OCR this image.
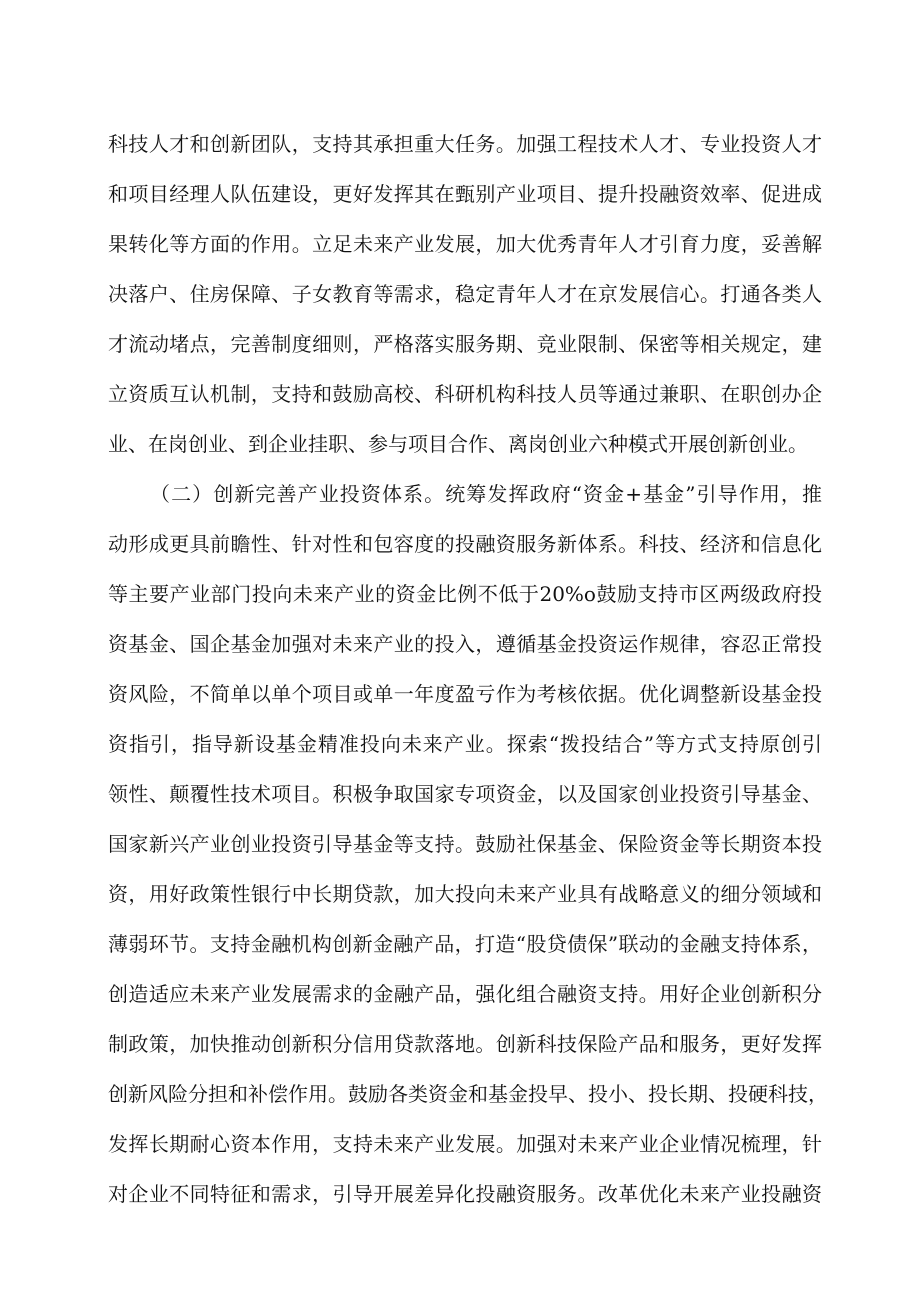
科技人才和创新团队，支持其承担重大任务。加强工程技术人才、专业投资人才
和项目经理人队伍建设，更好发挥其在甄别产业项目、提升投融资效率、促进成
果转化等方面的作用。立足未来产业发展，加大优秀青年人才引育力度，妥善解
决落户、住房保障、子女教育等需求，稳定青年人才在京发展信心。打通各类人
才流动堵点，完善制度细则，严格落实服务期、竞业限制、保密等相关规定，建
立资质互认机制，支持和鼓励高校、科研机构科技人员等通过兼职、在职创办企
业、在岗创业、到企业挂职、参与项目合作、离岗创业六种模式开展创新创业。
（二）创新完善产业投资体系。统筹发挥政府“资金+基金”引导作用，推
动形成更具前瞻性、针对性和包容度的投融资服务新体系。科技、经济和信息化
等主要产业部门投向未来产业的资金比例不低于20%o鼓励支持市区两级政府投
资基金、国企基金加强对未来产业的投入，遵循基金投资运作规律，容忍正常投
资风险，不简单以单个项目或单一年度盈亏作为考核依据。优化调整新设基金投
资指引，指导新设基金精准投向未来产业。探索“拨投结合”等方式支持原创引
领性、颠覆性技术项目。积极争取国家专项资金，以及国家创业投资引导基金、
国家新兴产业创业投资引导基金等支持。鼓励社保基金、保险资金等长期资本投
资，用好政策性银行中长期贷款，加大投向未来产业具有战略意义的细分领域和
薄弱环节。支持金融机构创新金融产品，打造“股贷债保”联动的金融支持体系，
创造适应未来产业发展需求的金融产品，强化组合融资支持。用好企业创新积分
制政策，加快推动创新积分信用贷款落地。创新科技保险产品和服务，更好发挥
创新风险分担和补偿作用。鼓励各类资金和基金投早、投小、投长期、投硬科技，
发挥长期耐心资本作用，支持未来产业发展。加强对未来产业企业情况梳理，针
对企业不同特征和需求，引导开展差异化投融资服务。改革优化未来产业投融资
